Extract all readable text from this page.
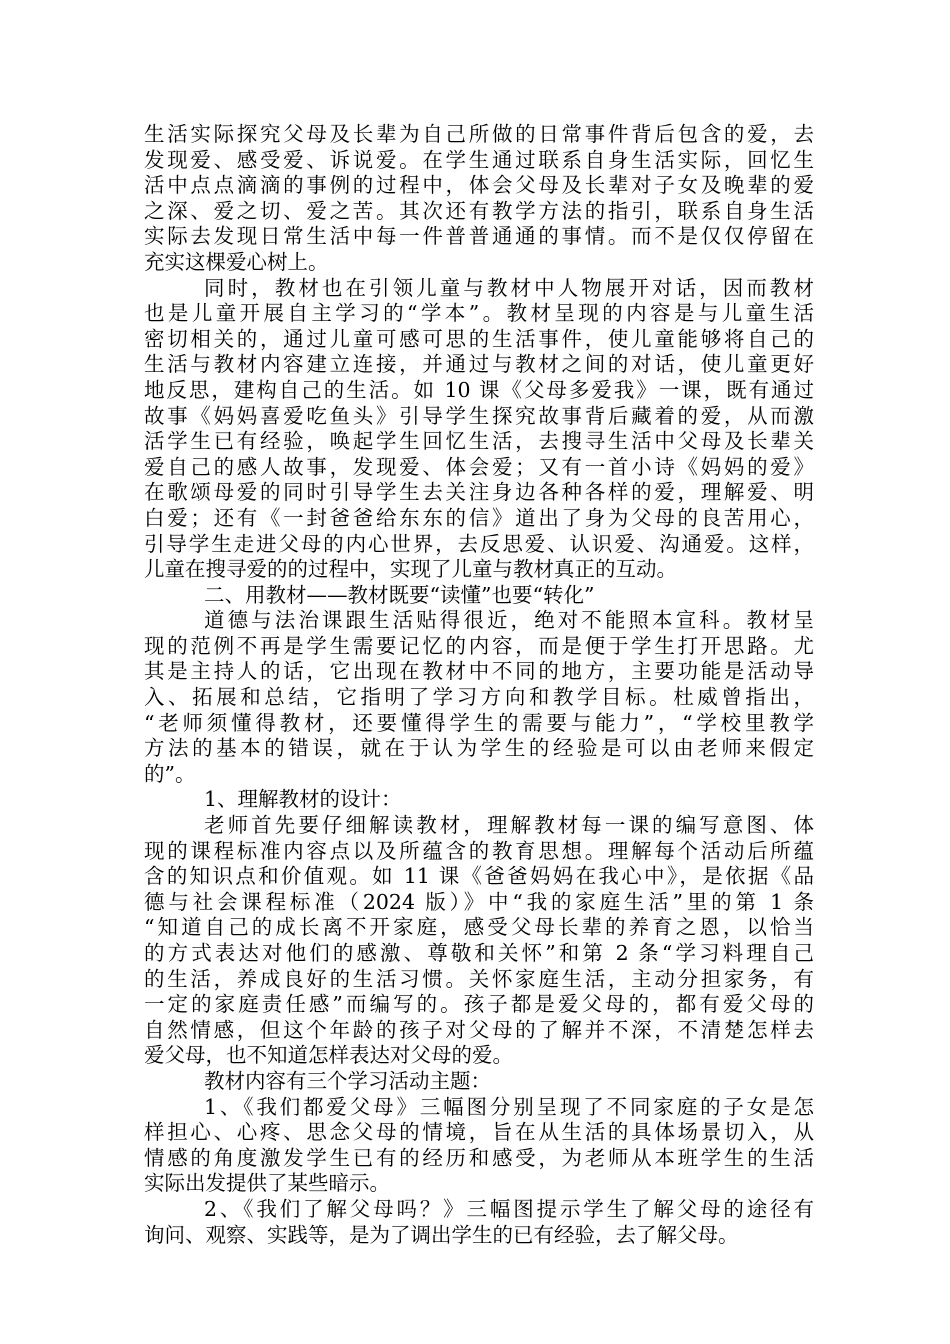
生活实际探究父母及长辈为自己所做的日常事件背后包含的爱，去
发现爱、感受爱、诉说爱。在学生通过联系自身生活实际，回忆生
活中点点滴滴的事例的过程中，体会父母及长辈对子女及晚辈的爱
之深、爱之切、爱之苦。其次还有教学方法的指引，联系自身生活
实际去发现日常生活中每一件普普通通的事情。而不是仅仅停留在
充实这棵爱心树上。
同时，教材也在引领儿童与教材中人物展开对话，因而教材
也是儿童开展自主学习的“学本”。教材呈现的内容是与儿童生活
密切相关的，通过儿童可感可思的生活事件，使儿童能够将自己的
生活与教材内容建立连接，并通过与教材之间的对话，使儿童更好
地反思，建构自己的生活。如 10 课《父母多爱我》一课，既有通过
故事《妈妈喜爱吃鱼头》引导学生探究故事背后藏着的爱，从而激
活学生已有经验，唤起学生回忆生活，去搜寻生活中父母及长辈关
爱自己的感人故事，发现爱、体会爱；又有一首小诗《妈妈的爱》
在歌颂母爱的同时引导学生去关注身边各种各样的爱，理解爱、明
白爱；还有《一封爸爸给东东的信》道出了身为父母的良苦用心，
引导学生走进父母的内心世界，去反思爱、认识爱、沟通爱。这样，
儿童在搜寻爱的的过程中，实现了儿童与教材真正的互动。
二、用教材——教材既要“读懂”也要“转化”
道德与法治课跟生活贴得很近，绝对不能照本宣科。教材呈
现的范例不再是学生需要记忆的内容，而是便于学生打开思路。尤
其是主持人的话，它出现在教材中不同的地方，主要功能是活动导
入、拓展和总结，它指明了学习方向和教学目标。杜威曾指出，
“老师须懂得教材，还要懂得学生的需要与能力”，“学校里教学
方法的基本的错误，就在于认为学生的经验是可以由老师来假定
的”。
1、理解教材的设计：
老师首先要仔细解读教材，理解教材每一课的编写意图、体
现的课程标准内容点以及所蕴含的教育思想。理解每个活动后所蕴
含的知识点和价值观。如 11 课《爸爸妈妈在我心中》，是依据《品
德与社会课程标准（2024 版）》中“我的家庭生活”里的第 1 条
“知道自己的成长离不开家庭，感受父母长辈的养育之恩，以恰当
的方式表达对他们的感激、尊敬和关怀”和第 2 条“学习料理自己
的生活，养成良好的生活习惯。关怀家庭生活，主动分担家务，有
一定的家庭责任感”而编写的。孩子都是爱父母的，都有爱父母的
自然情感，但这个年龄的孩子对父母的了解并不深，不清楚怎样去
爱父母，也不知道怎样表达对父母的爱。
教材内容有三个学习活动主题：
1、《我们都爱父母》三幅图分别呈现了不同家庭的子女是怎
样担心、心疼、思念父母的情境，旨在从生活的具体场景切入，从
情感的角度激发学生已有的经历和感受，为老师从本班学生的生活
实际出发提供了某些暗示。
2、《我们了解父母吗？》三幅图提示学生了解父母的途径有
询问、观察、实践等，是为了调出学生的已有经验，去了解父母。
